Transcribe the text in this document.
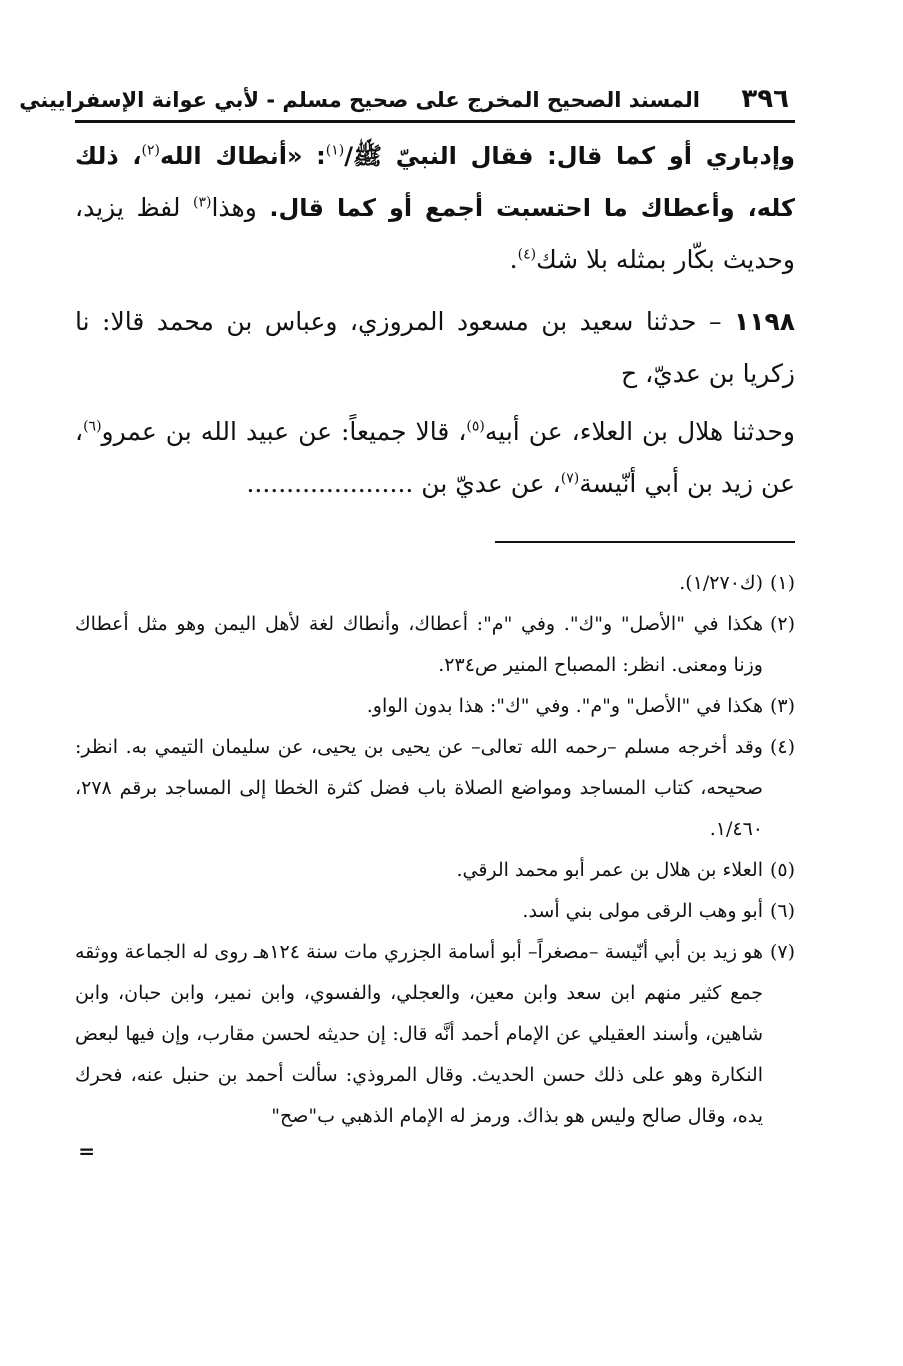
٣٩٦
المسند الصحيح المخرج على صحيح مسلم - لأبي عوانة الإسفراييني

وإدباري أو كما قال: فقال النبيّ ﷺ/$^{(١)}$: «أنطاك الله$^{(٢)}$، ذلك كله، وأعطاك ما احتسبت أجمع أو كما قال. وهذا$^{(٣)}$ لفظ يزيد، وحديث بكّار بمثله بلا شك$^{(٤)}$.

١١٩٨ – حدثنا سعيد بن مسعود المروزي، وعباس بن محمد قالا: نا زكريا بن عديّ، ح

وحدثنا هلال بن العلاء، عن أبيه$^{(٥)}$، قالا جميعاً: عن عبيد الله بن عمرو$^{(٦)}$، عن زيد بن أبي أنّيسة$^{(٧)}$، عن عديّ بن .....................

(١)
(ك١/٢٧٠).

(٢)
هكذا في "الأصل" و"ك". وفي "م": أعطاك، وأنطاك لغة لأهل اليمن وهو مثل أعطاك وزنا ومعنى. انظر: المصباح المنير ص٢٣٤.

(٣)
هكذا في "الأصل" و"م". وفي "ك": هذا بدون الواو.

(٤)
وقد أخرجه مسلم –رحمه الله تعالى– عن يحيى بن يحيى، عن سليمان التيمي به. انظر: صحيحه، كتاب المساجد ومواضع الصلاة باب فضل كثرة الخطا إلى المساجد برقم ٢٧٨، ١/٤٦٠.

(٥)
العلاء بن هلال بن عمر أبو محمد الرقي.

(٦)
أبو وهب الرقى مولى بني أسد.

(٧)
هو زيد بن أبي أنّيسة –مصغراً– أبو أسامة الجزري مات سنة ١٢٤هـ روى له الجماعة ووثقه جمع كثير منهم ابن سعد وابن معين، والعجلي، والفسوي، وابن نمير، وابن حبان، وابن شاهين، وأسند العقيلي عن الإمام أحمد أنَّه قال: إن حديثه لحسن مقارب، وإن فيها لبعض النكارة وهو على ذلك حسن الحديث. وقال المروذي: سألت أحمد بن حنبل عنه، فحرك يده، وقال صالح وليس هو بذاك. ورمز له الإمام الذهبي ب"صح"

=
